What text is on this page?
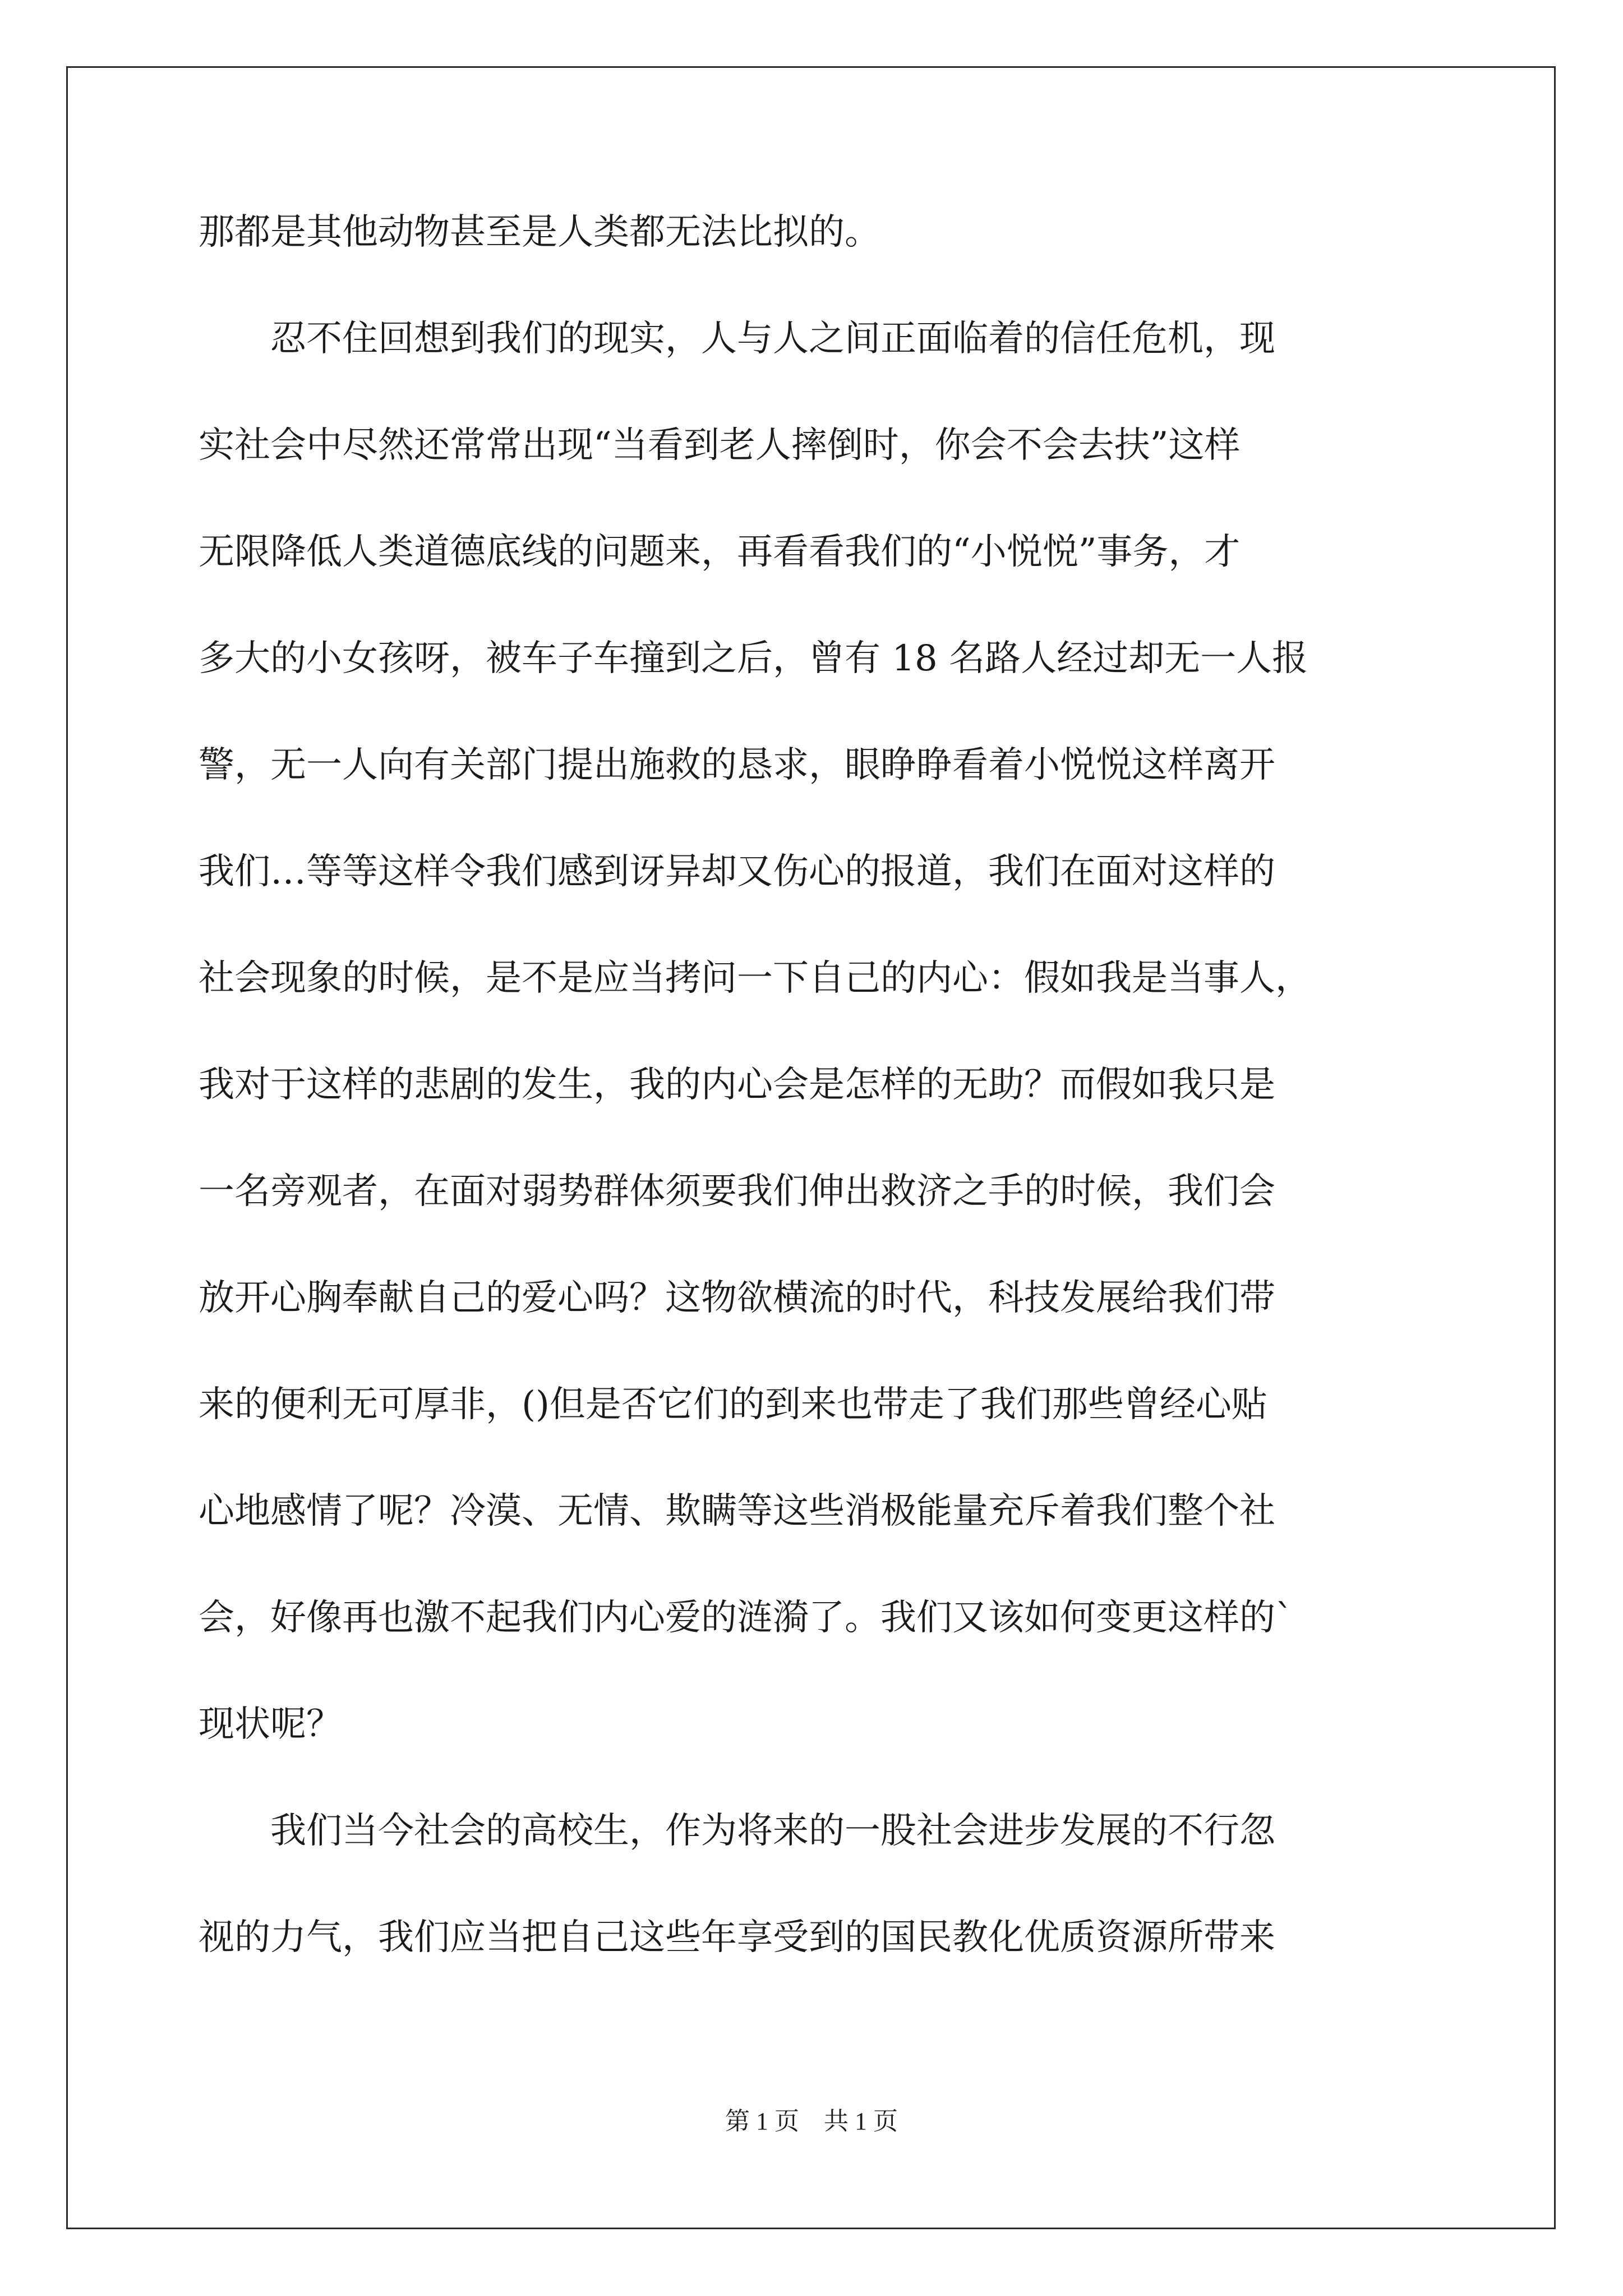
那都是其他动物甚至是人类都无法比拟的。
　　忍不住回想到我们的现实，人与人之间正面临着的信任危机，现
实社会中尽然还常常出现“当看到老人摔倒时，你会不会去扶”这样
无限降低人类道德底线的问题来，再看看我们的“小悦悦”事务，才
多大的小女孩呀，被车子车撞到之后，曾有 18 名路人经过却无一人报
警，无一人向有关部门提出施救的恳求，眼睁睁看着小悦悦这样离开
我们…等等这样令我们感到讶异却又伤心的报道，我们在面对这样的
社会现象的时候，是不是应当拷问一下自己的内心：假如我是当事人，
我对于这样的悲剧的发生，我的内心会是怎样的无助？而假如我只是
一名旁观者，在面对弱势群体须要我们伸出救济之手的时候，我们会
放开心胸奉献自己的爱心吗？这物欲横流的时代，科技发展给我们带
来的便利无可厚非，()但是否它们的到来也带走了我们那些曾经心贴
心地感情了呢？冷漠、无情、欺瞒等这些消极能量充斥着我们整个社
会，好像再也激不起我们内心爱的涟漪了。我们又该如何变更这样的`
现状呢？
　　我们当今社会的高校生，作为将来的一股社会进步发展的不行忽
视的力气，我们应当把自己这些年享受到的国民教化优质资源所带来
第 1 页　共 1 页
